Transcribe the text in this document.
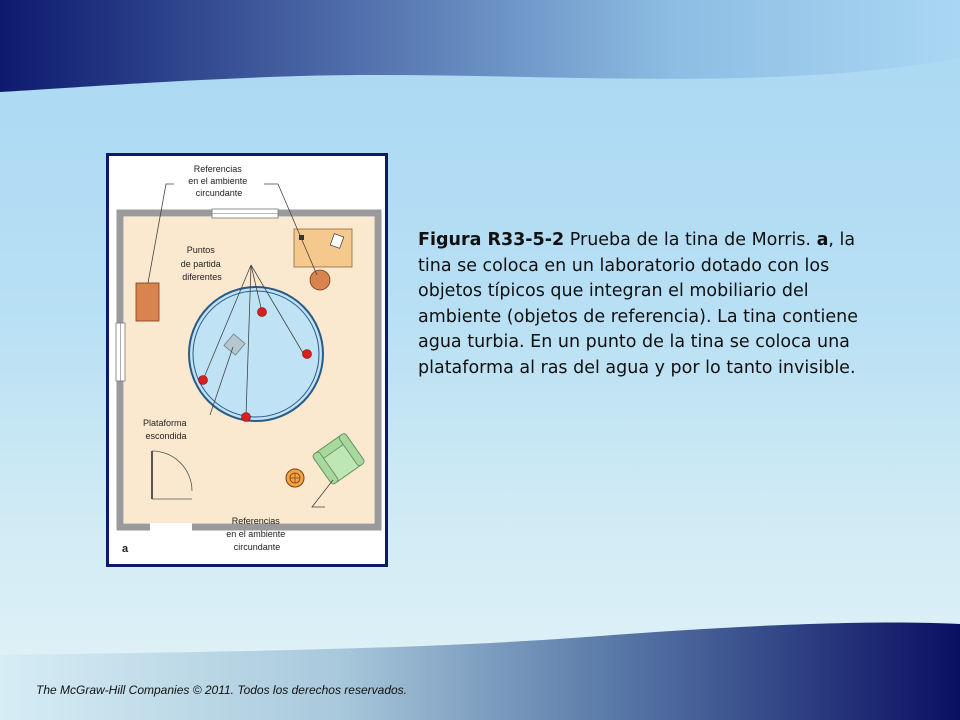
Referencias en el ambiente circundante
Puntos de partida diferentes
Plataforma escondida
Referencias en el ambiente circundante
a
Figura R33-5-2 Prueba de la tina de Morris. a, la tina se coloca en un laboratorio dotado con los objetos típicos que integran el mobiliario del ambiente (objetos de referencia). La tina contiene agua turbia. En un punto de la tina se coloca una plataforma al ras del agua y por lo tanto invisible.
The McGraw-Hill Companies © 2011. Todos los derechos reservados.
